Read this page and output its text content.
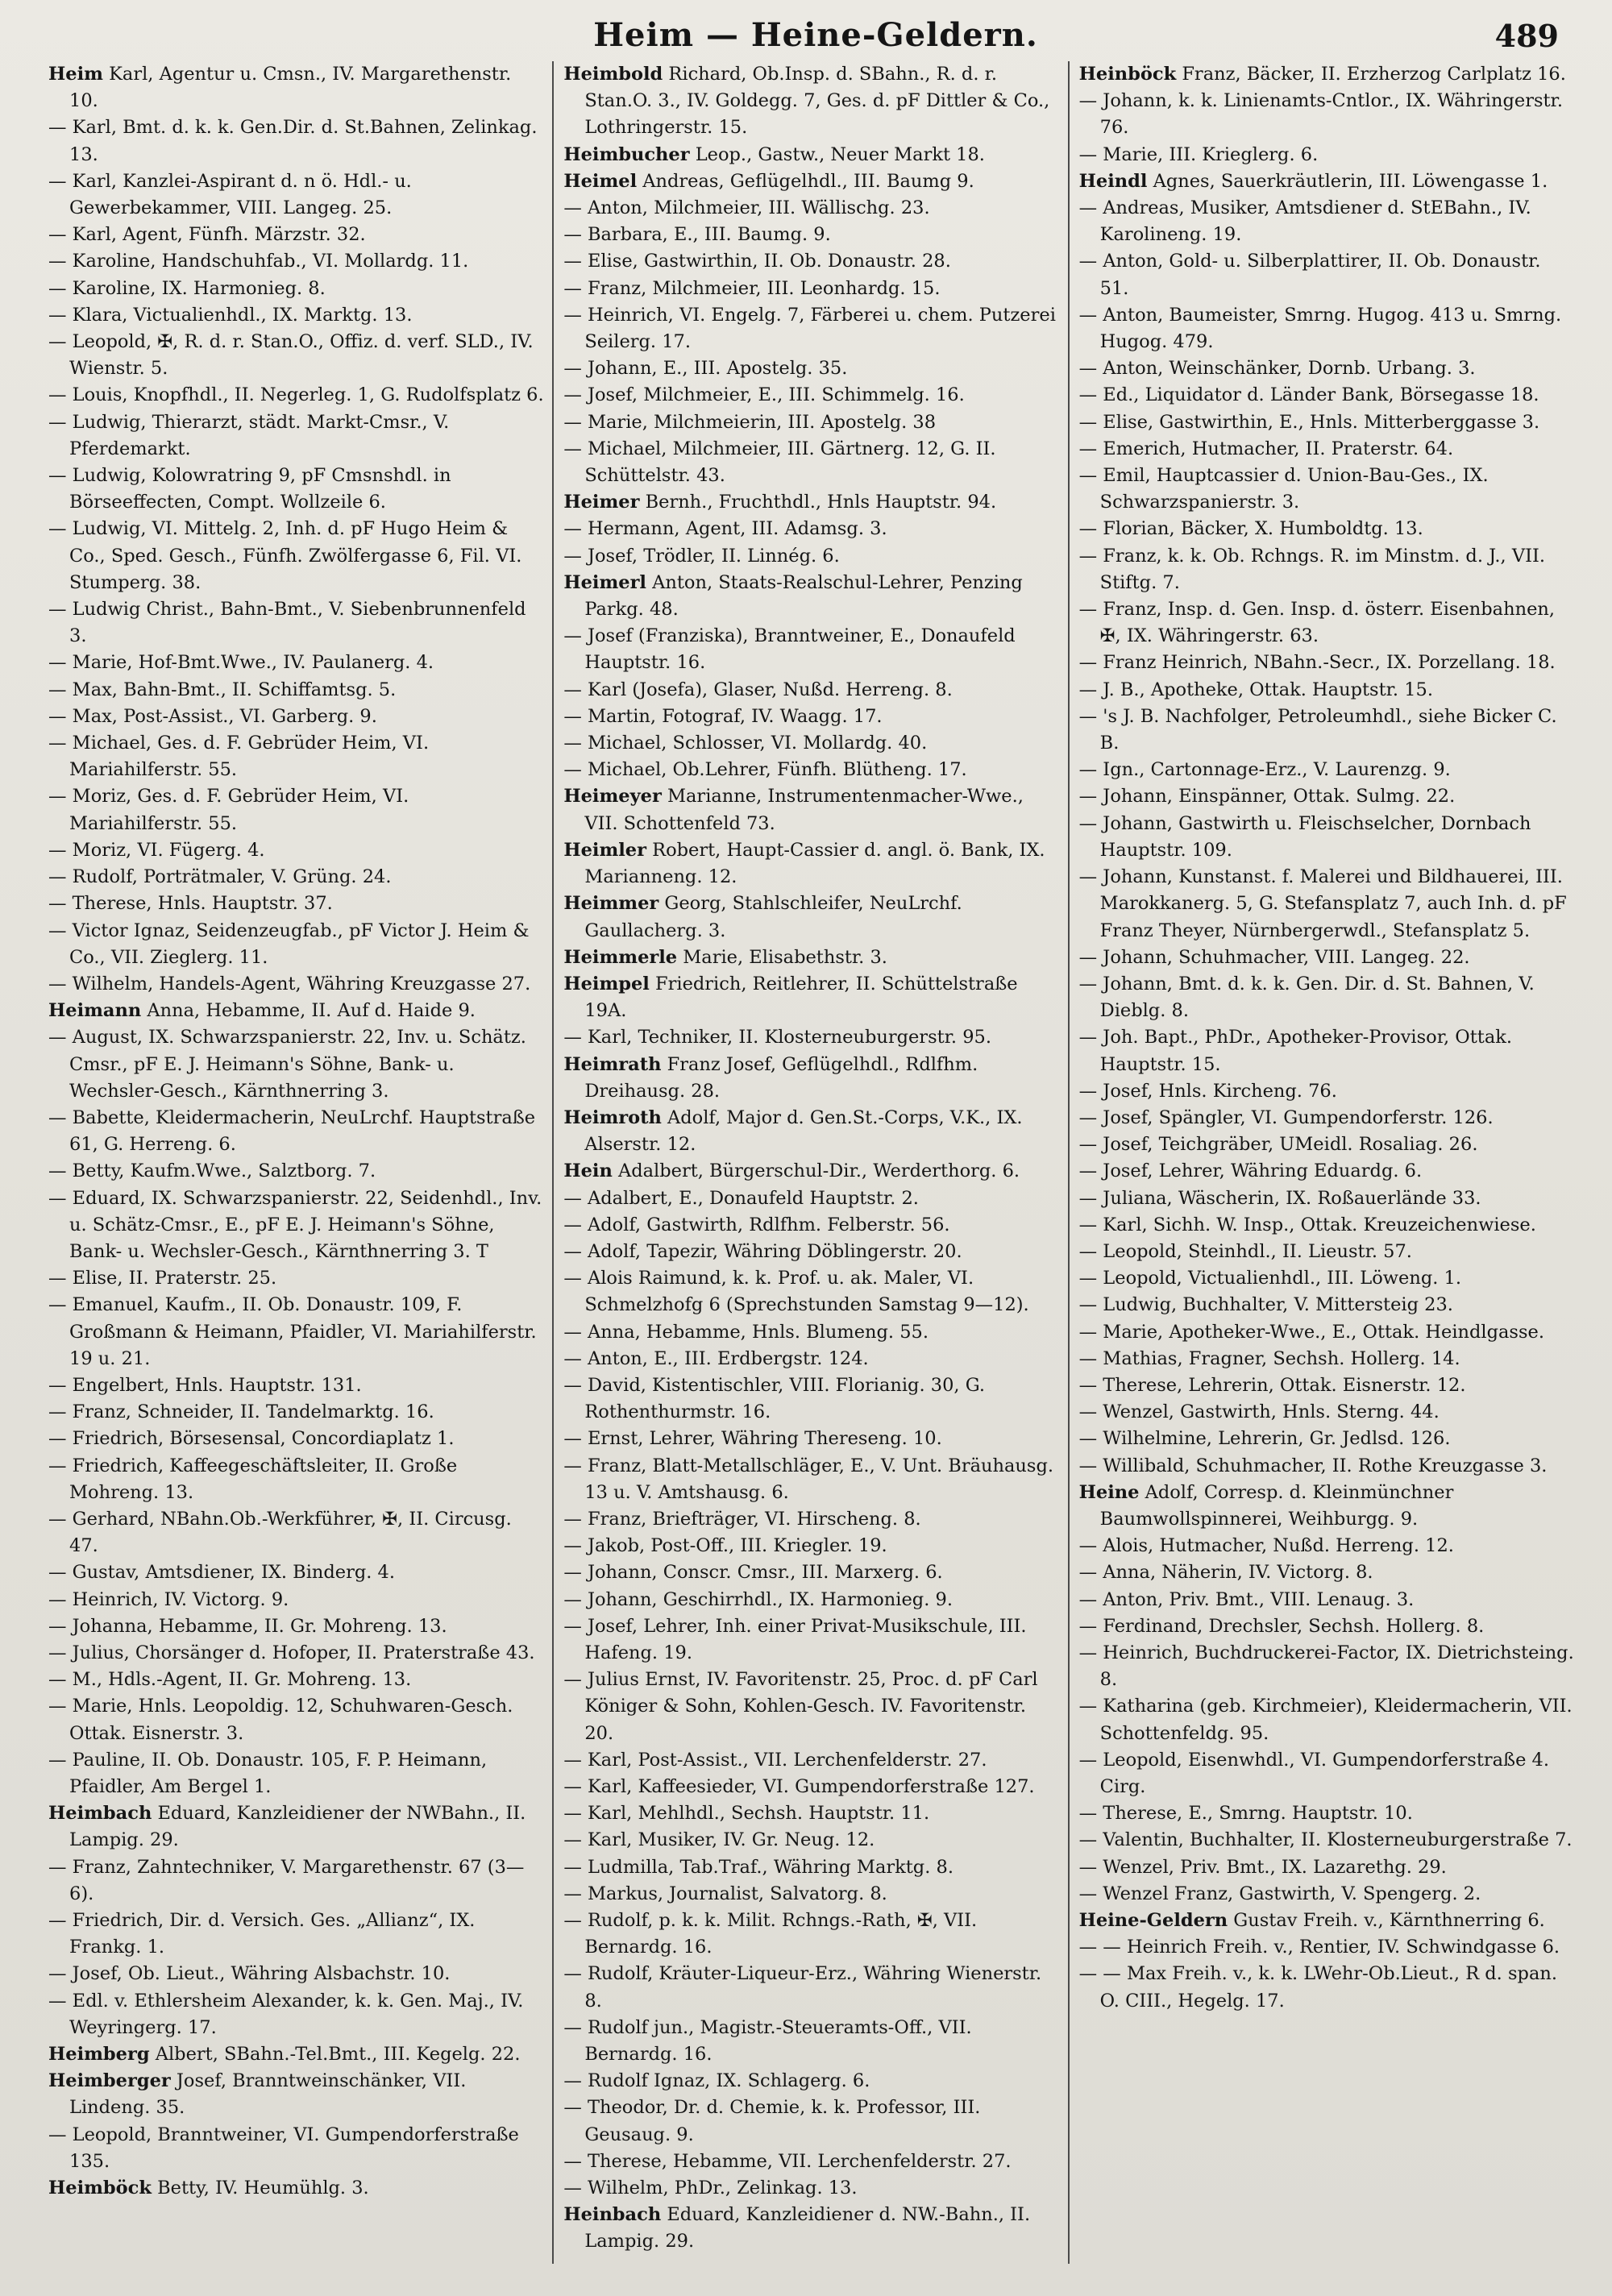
Heim — Heine-Geldern.	489
Heim Karl, Agentur u. Cmsn., IV. Margarethenstr. 10.
— Karl, Bmt. d. k. k. Gen.Dir. d. St.Bahnen, Zelinkag. 13.
— Karl, Kanzlei-Aspirant d. n ö. Hdl.- u. Gewerbekammer, VIII. Langeg. 25.
— Karl, Agent, Fünfh. Märzstr. 32.
— Karoline, Handschuhfab., VI. Mollardg. 11.
— Karoline, IX. Harmonieg. 8.
— Klara, Victualienhdl., IX. Marktg. 13.
— Leopold, ✠, R. d. r. Stan.O., Offiz. d. verf. SLD., IV. Wienstr. 5.
— Louis, Knopfhdl., II. Negerleg. 1, G. Rudolfsplatz 6.
— Ludwig, Thierarzt, städt. Markt-Cmsr., V. Pferdemarkt.
— Ludwig, Kolowratring 9, pF Cmsnshdl. in Börseeffecten, Compt. Wollzeile 6.
— Ludwig, VI. Mittelg. 2, Inh. d. pF Hugo Heim & Co., Sped. Gesch., Fünfh. Zwölfergasse 6, Fil. VI. Stumperg. 38.
— Ludwig Christ., Bahn-Bmt., V. Siebenbrunnenfeld 3.
— Marie, Hof-Bmt.Wwe., IV. Paulanerg. 4.
— Max, Bahn-Bmt., II. Schiffamtsg. 5.
— Max, Post-Assist., VI. Garberg. 9.
— Michael, Ges. d. F. Gebrüder Heim, VI. Mariahilferstr. 55.
— Moriz, Ges. d. F. Gebrüder Heim, VI. Mariahilferstr. 55.
— Moriz, VI. Fügerg. 4.
— Rudolf, Porträtmaler, V. Grüng. 24.
— Therese, Hnls. Hauptstr. 37.
— Victor Ignaz, Seidenzeugfab., pF Victor J. Heim & Co., VII. Zieglerg. 11.
— Wilhelm, Handels-Agent, Währing Kreuzgasse 27.
Heimann Anna, Hebamme, II. Auf d. Haide 9.
— August, IX. Schwarzspanierstr. 22, Inv. u. Schätz. Cmsr., pF E. J. Heimann's Söhne, Bank- u. Wechsler-Gesch., Kärnthnerring 3.
— Babette, Kleidermacherin, NeuLrchf. Hauptstraße 61, G. Herreng. 6.
— Betty, Kaufm.Wwe., Salztborg. 7.
— Eduard, IX. Schwarzspanierstr. 22, Seidenhdl., Inv. u. Schätz-Cmsr., E., pF E. J. Heimann's Söhne, Bank- u. Wechsler-Gesch., Kärnthnerring 3. T
— Elise, II. Praterstr. 25.
— Emanuel, Kaufm., II. Ob. Donaustr. 109, F. Großmann & Heimann, Pfaidler, VI. Mariahilferstr. 19 u. 21.
— Engelbert, Hnls. Hauptstr. 131.
— Franz, Schneider, II. Tandelmarktg. 16.
— Friedrich, Börsesensal, Concordiaplatz 1.
— Friedrich, Kaffeegeschäftsleiter, II. Große Mohreng. 13.
— Gerhard, NBahn.Ob.-Werkführer, ✠, II. Circusg. 47.
— Gustav, Amtsdiener, IX. Binderg. 4.
— Heinrich, IV. Victorg. 9.
— Johanna, Hebamme, II. Gr. Mohreng. 13.
— Julius, Chorsänger d. Hofoper, II. Praterstraße 43.
— M., Hdls.-Agent, II. Gr. Mohreng. 13.
— Marie, Hnls. Leopoldig. 12, Schuhwaren-Gesch. Ottak. Eisnerstr. 3.
— Pauline, II. Ob. Donaustr. 105, F. P. Heimann, Pfaidler, Am Bergel 1.
Heimbach Eduard, Kanzleidiener der NWBahn., II. Lampig. 29.
— Franz, Zahntechniker, V. Margarethenstr. 67 (3—6).
— Friedrich, Dir. d. Versich. Ges. „Allianz“, IX. Frankg. 1.
— Josef, Ob. Lieut., Währing Alsbachstr. 10.
— Edl. v. Ethlersheim Alexander, k. k. Gen. Maj., IV. Weyringerg. 17.
Heimberg Albert, SBahn.-Tel.Bmt., III. Kegelg. 22.
Heimberger Josef, Branntweinschänker, VII. Lindeng. 35.
— Leopold, Branntweiner, VI. Gumpendorferstraße 135.
Heimböck Betty, IV. Heumühlg. 3.
Heimbold Richard, Ob.Insp. d. SBahn., R. d. r. Stan.O. 3., IV. Goldegg. 7, Ges. d. pF Dittler & Co., Lothringerstr. 15.
Heimbucher Leop., Gastw., Neuer Markt 18.
Heimel Andreas, Geflügelhdl., III. Baumg 9.
— Anton, Milchmeier, III. Wällischg. 23.
— Barbara, E., III. Baumg. 9.
— Elise, Gastwirthin, II. Ob. Donaustr. 28.
— Franz, Milchmeier, III. Leonhardg. 15.
— Heinrich, VI. Engelg. 7, Färberei u. chem. Putzerei Seilerg. 17.
— Johann, E., III. Apostelg. 35.
— Josef, Milchmeier, E., III. Schimmelg. 16.
— Marie, Milchmeierin, III. Apostelg. 38
— Michael, Milchmeier, III. Gärtnerg. 12, G. II. Schüttelstr. 43.
Heimer Bernh., Fruchthdl., Hnls Hauptstr. 94.
— Hermann, Agent, III. Adamsg. 3.
— Josef, Trödler, II. Linnég. 6.
Heimerl Anton, Staats-Realschul-Lehrer, Penzing Parkg. 48.
— Josef (Franziska), Branntweiner, E., Donaufeld Hauptstr. 16.
— Karl (Josefa), Glaser, Nußd. Herreng. 8.
— Martin, Fotograf, IV. Waagg. 17.
— Michael, Schlosser, VI. Mollardg. 40.
— Michael, Ob.Lehrer, Fünfh. Blütheng. 17.
Heimeyer Marianne, Instrumentenmacher-Wwe., VII. Schottenfeld 73.
Heimler Robert, Haupt-Cassier d. angl. ö. Bank, IX. Marianneng. 12.
Heimmer Georg, Stahlschleifer, NeuLrchf. Gaullacherg. 3.
Heimmerle Marie, Elisabethstr. 3.
Heimpel Friedrich, Reitlehrer, II. Schüttelstraße 19A.
— Karl, Techniker, II. Klosterneuburgerstr. 95.
Heimrath Franz Josef, Geflügelhdl., Rdlfhm. Dreihausg. 28.
Heimroth Adolf, Major d. Gen.St.-Corps, V.K., IX. Alserstr. 12.
Hein Adalbert, Bürgerschul-Dir., Werderthorg. 6.
— Adalbert, E., Donaufeld Hauptstr. 2.
— Adolf, Gastwirth, Rdlfhm. Felberstr. 56.
— Adolf, Tapezir, Währing Döblingerstr. 20.
— Alois Raimund, k. k. Prof. u. ak. Maler, VI. Schmelzhofg 6 (Sprechstunden Samstag 9—12).
— Anna, Hebamme, Hnls. Blumeng. 55.
— Anton, E., III. Erdbergstr. 124.
— David, Kistentischler, VIII. Florianig. 30, G. Rothenthurmstr. 16.
— Ernst, Lehrer, Währing Thereseng. 10.
— Franz, Blatt-Metallschläger, E., V. Unt. Bräuhausg. 13 u. V. Amtshausg. 6.
— Franz, Briefträger, VI. Hirscheng. 8.
— Jakob, Post-Off., III. Kriegler. 19.
— Johann, Conscr. Cmsr., III. Marxerg. 6.
— Johann, Geschirrhdl., IX. Harmonieg. 9.
— Josef, Lehrer, Inh. einer Privat-Musikschule, III. Hafeng. 19.
— Julius Ernst, IV. Favoritenstr. 25, Proc. d. pF Carl Königer & Sohn, Kohlen-Gesch. IV. Favoritenstr. 20.
— Karl, Post-Assist., VII. Lerchenfelderstr. 27.
— Karl, Kaffeesieder, VI. Gumpendorferstraße 127.
— Karl, Mehlhdl., Sechsh. Hauptstr. 11.
— Karl, Musiker, IV. Gr. Neug. 12.
— Ludmilla, Tab.Traf., Währing Marktg. 8.
— Markus, Journalist, Salvatorg. 8.
— Rudolf, p. k. k. Milit. Rchngs.-Rath, ✠, VII. Bernardg. 16.
— Rudolf, Kräuter-Liqueur-Erz., Währing Wienerstr. 8.
— Rudolf jun., Magistr.-Steueramts-Off., VII. Bernardg. 16.
— Rudolf Ignaz, IX. Schlagerg. 6.
— Theodor, Dr. d. Chemie, k. k. Professor, III. Geusaug. 9.
— Therese, Hebamme, VII. Lerchenfelderstr. 27.
— Wilhelm, PhDr., Zelinkag. 13.
Heinbach Eduard, Kanzleidiener d. NW.-Bahn., II. Lampig. 29.
Heinböck Franz, Bäcker, II. Erzherzog Carlplatz 16.
— Johann, k. k. Linienamts-Cntlor., IX. Währingerstr. 76.
— Marie, III. Krieglerg. 6.
Heindl Agnes, Sauerkräutlerin, III. Löwengasse 1.
— Andreas, Musiker, Amtsdiener d. StEBahn., IV. Karolineng. 19.
— Anton, Gold- u. Silberplattirer, II. Ob. Donaustr. 51.
— Anton, Baumeister, Smrng. Hugog. 413 u. Smrng. Hugog. 479.
— Anton, Weinschänker, Dornb. Urbang. 3.
— Ed., Liquidator d. Länder Bank, Börsegasse 18.
— Elise, Gastwirthin, E., Hnls. Mitterberggasse 3.
— Emerich, Hutmacher, II. Praterstr. 64.
— Emil, Hauptcassier d. Union-Bau-Ges., IX. Schwarzspanierstr. 3.
— Florian, Bäcker, X. Humboldtg. 13.
— Franz, k. k. Ob. Rchngs. R. im Minstm. d. J., VII. Stiftg. 7.
— Franz, Insp. d. Gen. Insp. d. österr. Eisenbahnen, ✠, IX. Währingerstr. 63.
— Franz Heinrich, NBahn.-Secr., IX. Porzellang. 18.
— J. B., Apotheke, Ottak. Hauptstr. 15.
— 's J. B. Nachfolger, Petroleumhdl., siehe Bicker C. B.
— Ign., Cartonnage-Erz., V. Laurenzg. 9.
— Johann, Einspänner, Ottak. Sulmg. 22.
— Johann, Gastwirth u. Fleischselcher, Dornbach Hauptstr. 109.
— Johann, Kunstanst. f. Malerei und Bildhauerei, III. Marokkanerg. 5, G. Stefansplatz 7, auch Inh. d. pF Franz Theyer, Nürnbergerwdl., Stefansplatz 5.
— Johann, Schuhmacher, VIII. Langeg. 22.
— Johann, Bmt. d. k. k. Gen. Dir. d. St. Bahnen, V. Dieblg. 8.
— Joh. Bapt., PhDr., Apotheker-Provisor, Ottak. Hauptstr. 15.
— Josef, Hnls. Kircheng. 76.
— Josef, Spängler, VI. Gumpendorferstr. 126.
— Josef, Teichgräber, UMeidl. Rosaliag. 26.
— Josef, Lehrer, Währing Eduardg. 6.
— Juliana, Wäscherin, IX. Roßauerlände 33.
— Karl, Sichh. W. Insp., Ottak. Kreuzeichenwiese.
— Leopold, Steinhdl., II. Lieustr. 57.
— Leopold, Victualienhdl., III. Löweng. 1.
— Ludwig, Buchhalter, V. Mittersteig 23.
— Marie, Apotheker-Wwe., E., Ottak. Heindlgasse.
— Mathias, Fragner, Sechsh. Hollerg. 14.
— Therese, Lehrerin, Ottak. Eisnerstr. 12.
— Wenzel, Gastwirth, Hnls. Sterng. 44.
— Wilhelmine, Lehrerin, Gr. Jedlsd. 126.
— Willibald, Schuhmacher, II. Rothe Kreuzgasse 3.
Heine Adolf, Corresp. d. Kleinmünchner Baumwollspinnerei, Weihburgg. 9.
— Alois, Hutmacher, Nußd. Herreng. 12.
— Anna, Näherin, IV. Victorg. 8.
— Anton, Priv. Bmt., VIII. Lenaug. 3.
— Ferdinand, Drechsler, Sechsh. Hollerg. 8.
— Heinrich, Buchdruckerei-Factor, IX. Dietrichsteing. 8.
— Katharina (geb. Kirchmeier), Kleidermacherin, VII. Schottenfeldg. 95.
— Leopold, Eisenwhdl., VI. Gumpendorferstraße 4. Cirg.
— Therese, E., Smrng. Hauptstr. 10.
— Valentin, Buchhalter, II. Klosterneuburgerstraße 7.
— Wenzel, Priv. Bmt., IX. Lazarethg. 29.
— Wenzel Franz, Gastwirth, V. Spengerg. 2.
Heine-Geldern Gustav Freih. v., Kärnthnerring 6.
— — Heinrich Freih. v., Rentier, IV. Schwindgasse 6.
— — Max Freih. v., k. k. LWehr-Ob.Lieut., R d. span. O. CIII., Hegelg. 17.
